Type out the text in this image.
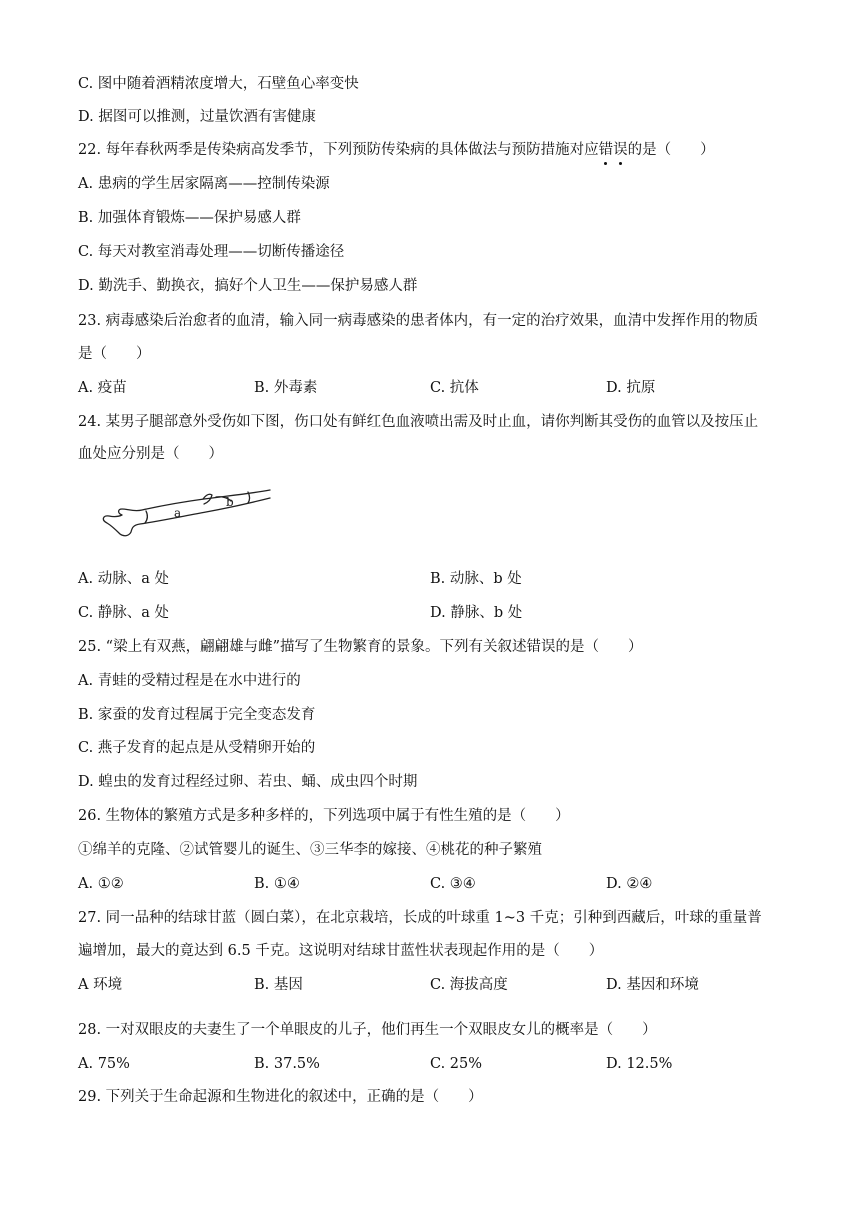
C. 图中随着酒精浓度增大，石壁鱼心率变快
D. 据图可以推测，过量饮酒有害健康
22. 每年春秋两季是传染病高发季节，下列预防传染病的具体做法与预防措施对应错误的是（　　）
A. 患病的学生居家隔离——控制传染源
B. 加强体育锻炼——保护易感人群
C. 每天对教室消毒处理——切断传播途径
D. 勤洗手、勤换衣，搞好个人卫生——保护易感人群
23. 病毒感染后治愈者的血清，输入同一病毒感染的患者体内，有一定的治疗效果，血清中发挥作用的物质
是（　　）
A. 疫苗	B. 外毒素	C. 抗体	D. 抗原
24. 某男子腿部意外受伤如下图，伤口处有鲜红色血液喷出需及时止血，请你判断其受伤的血管以及按压止
血处应分别是（　　）
a
b
A. 动脉、a 处	B. 动脉、b 处
C. 静脉、a 处	D. 静脉、b 处
25. “梁上有双燕，翩翩雄与雌”描写了生物繁育的景象。下列有关叙述错误的是（　　）
A. 青蛙的受精过程是在水中进行的
B. 家蚕的发育过程属于完全变态发育
C. 燕子发育的起点是从受精卵开始的
D. 蝗虫的发育过程经过卵、若虫、蛹、成虫四个时期
26. 生物体的繁殖方式是多种多样的，下列选项中属于有性生殖的是（　　）
①绵羊的克隆、②试管婴儿的诞生、③三华李的嫁接、④桃花的种子繁殖
A. ①②	B. ①④	C. ③④	D. ②④
27. 同一品种的结球甘蓝（圆白菜），在北京栽培，长成的叶球重 1~3 千克；引种到西藏后，叶球的重量普
遍增加，最大的竟达到 6.5 千克。这说明对结球甘蓝性状表现起作用的是（　　）
A 环境	B. 基因	C. 海拔高度	D. 基因和环境
28. 一对双眼皮的夫妻生了一个单眼皮的儿子，他们再生一个双眼皮女儿的概率是（　　）
A. 75%	B. 37.5%	C. 25%	D. 12.5%
29. 下列关于生命起源和生物进化的叙述中，正确的是（　　）
